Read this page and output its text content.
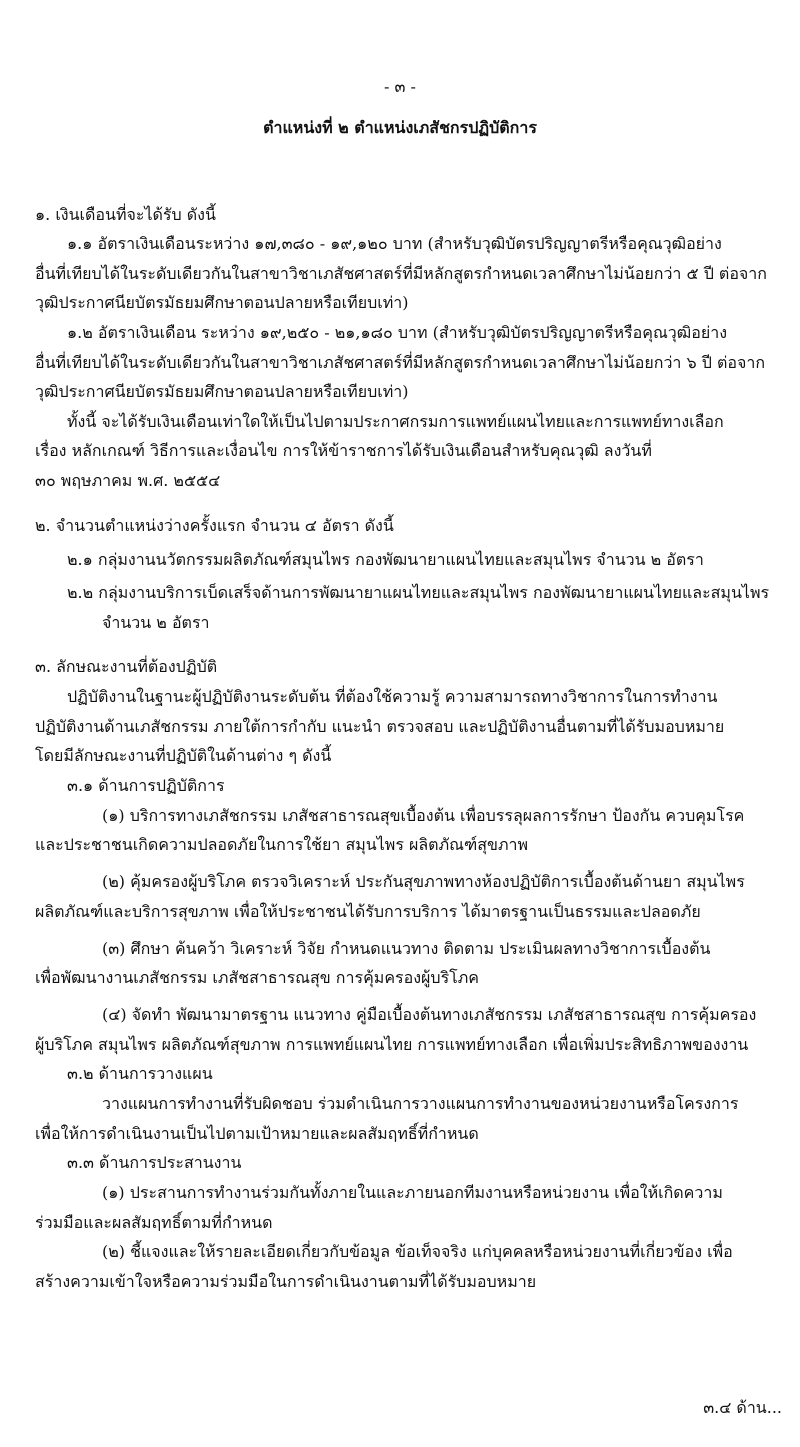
- ๓ -
ตำแหน่งที่ ๒ ตำแหน่งเภสัชกรปฏิบัติการ
๑. เงินเดือนที่จะได้รับ ดังนี้
๑.๑ อัตราเงินเดือนระหว่าง ๑๗,๓๘๐ - ๑๙,๑๒๐ บาท (สำหรับวุฒิบัตรปริญญาตรีหรือคุณวุฒิอย่าง
อื่นที่เทียบได้ในระดับเดียวกันในสาขาวิชาเภสัชศาสตร์ที่มีหลักสูตรกำหนดเวลาศึกษาไม่น้อยกว่า ๕ ปี ต่อจาก
วุฒิประกาศนียบัตรมัธยมศึกษาตอนปลายหรือเทียบเท่า)
๑.๒ อัตราเงินเดือน ระหว่าง ๑๙,๒๕๐ - ๒๑,๑๘๐ บาท (สำหรับวุฒิบัตรปริญญาตรีหรือคุณวุฒิอย่าง
อื่นที่เทียบได้ในระดับเดียวกันในสาขาวิชาเภสัชศาสตร์ที่มีหลักสูตรกำหนดเวลาศึกษาไม่น้อยกว่า ๖ ปี ต่อจาก
วุฒิประกาศนียบัตรมัธยมศึกษาตอนปลายหรือเทียบเท่า)
ทั้งนี้ จะได้รับเงินเดือนเท่าใดให้เป็นไปตามประกาศกรมการแพทย์แผนไทยและการแพทย์ทางเลือก
เรื่อง หลักเกณฑ์ วิธีการและเงื่อนไข การให้ข้าราชการได้รับเงินเดือนสำหรับคุณวุฒิ ลงวันที่
๓๐ พฤษภาคม พ.ศ. ๒๕๕๔
๒. จำนวนตำแหน่งว่างครั้งแรก จำนวน ๔ อัตรา ดังนี้
๒.๑ กลุ่มงานนวัตกรรมผลิตภัณฑ์สมุนไพร กองพัฒนายาแผนไทยและสมุนไพร จำนวน ๒ อัตรา
๒.๒ กลุ่มงานบริการเบ็ดเสร็จด้านการพัฒนายาแผนไทยและสมุนไพร กองพัฒนายาแผนไทยและสมุนไพร
จำนวน ๒ อัตรา
๓. ลักษณะงานที่ต้องปฏิบัติ
ปฏิบัติงานในฐานะผู้ปฏิบัติงานระดับต้น ที่ต้องใช้ความรู้ ความสามารถทางวิชาการในการทำงาน
ปฏิบัติงานด้านเภสัชกรรม ภายใต้การกำกับ แนะนำ ตรวจสอบ และปฏิบัติงานอื่นตามที่ได้รับมอบหมาย
โดยมีลักษณะงานที่ปฏิบัติในด้านต่าง ๆ ดังนี้
๓.๑ ด้านการปฏิบัติการ
(๑) บริการทางเภสัชกรรม เภสัชสาธารณสุขเบื้องต้น เพื่อบรรลุผลการรักษา ป้องกัน ควบคุมโรค
และประชาชนเกิดความปลอดภัยในการใช้ยา สมุนไพร ผลิตภัณฑ์สุขภาพ
(๒) คุ้มครองผู้บริโภค ตรวจวิเคราะห์ ประกันสุขภาพทางห้องปฏิบัติการเบื้องต้นด้านยา สมุนไพร
ผลิตภัณฑ์และบริการสุขภาพ เพื่อให้ประชาชนได้รับการบริการ ได้มาตรฐานเป็นธรรมและปลอดภัย
(๓) ศึกษา ค้นคว้า วิเคราะห์ วิจัย กำหนดแนวทาง ติดตาม ประเมินผลทางวิชาการเบื้องต้น
เพื่อพัฒนางานเภสัชกรรม เภสัชสาธารณสุข การคุ้มครองผู้บริโภค
(๔) จัดทำ พัฒนามาตรฐาน แนวทาง คู่มือเบื้องต้นทางเภสัชกรรม เภสัชสาธารณสุข การคุ้มครอง
ผู้บริโภค สมุนไพร ผลิตภัณฑ์สุขภาพ การแพทย์แผนไทย การแพทย์ทางเลือก เพื่อเพิ่มประสิทธิภาพของงาน
๓.๒ ด้านการวางแผน
วางแผนการทำงานที่รับผิดชอบ ร่วมดำเนินการวางแผนการทำงานของหน่วยงานหรือโครงการ
เพื่อให้การดำเนินงานเป็นไปตามเป้าหมายและผลสัมฤทธิ์ที่กำหนด
๓.๓ ด้านการประสานงาน
(๑) ประสานการทำงานร่วมกันทั้งภายในและภายนอกทีมงานหรือหน่วยงาน เพื่อให้เกิดความ
ร่วมมือและผลสัมฤทธิ์ตามที่กำหนด
(๒) ชี้แจงและให้รายละเอียดเกี่ยวกับข้อมูล ข้อเท็จจริง แก่บุคคลหรือหน่วยงานที่เกี่ยวข้อง เพื่อ
สร้างความเข้าใจหรือความร่วมมือในการดำเนินงานตามที่ได้รับมอบหมาย
๓.๔ ด้าน...
